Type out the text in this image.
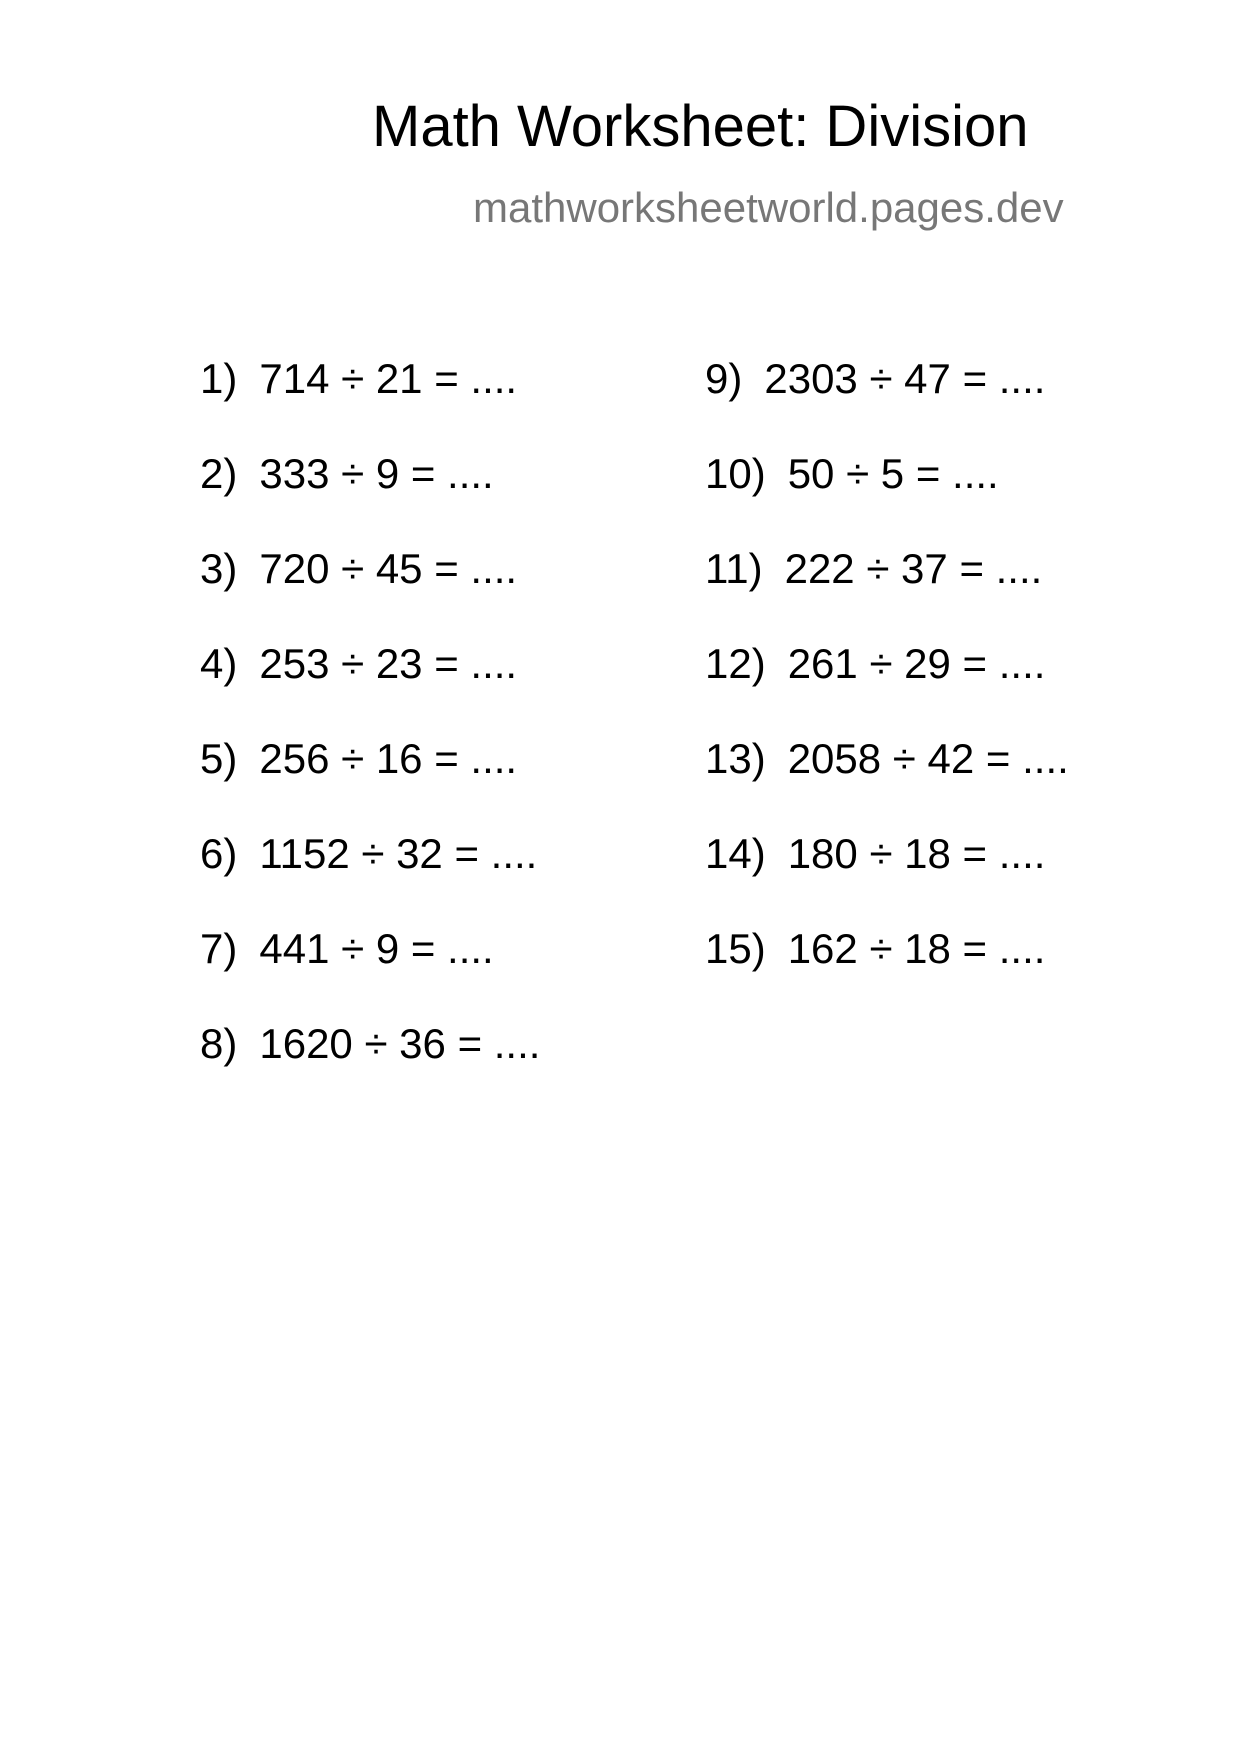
Math Worksheet: Division
mathworksheetworld.pages.dev
1) 714 ÷ 21 = ....
2) 333 ÷ 9 = ....
3) 720 ÷ 45 = ....
4) 253 ÷ 23 = ....
5) 256 ÷ 16 = ....
6) 1152 ÷ 32 = ....
7) 441 ÷ 9 = ....
8) 1620 ÷ 36 = ....
9) 2303 ÷ 47 = ....
10) 50 ÷ 5 = ....
11) 222 ÷ 37 = ....
12) 261 ÷ 29 = ....
13) 2058 ÷ 42 = ....
14) 180 ÷ 18 = ....
15) 162 ÷ 18 = ....
